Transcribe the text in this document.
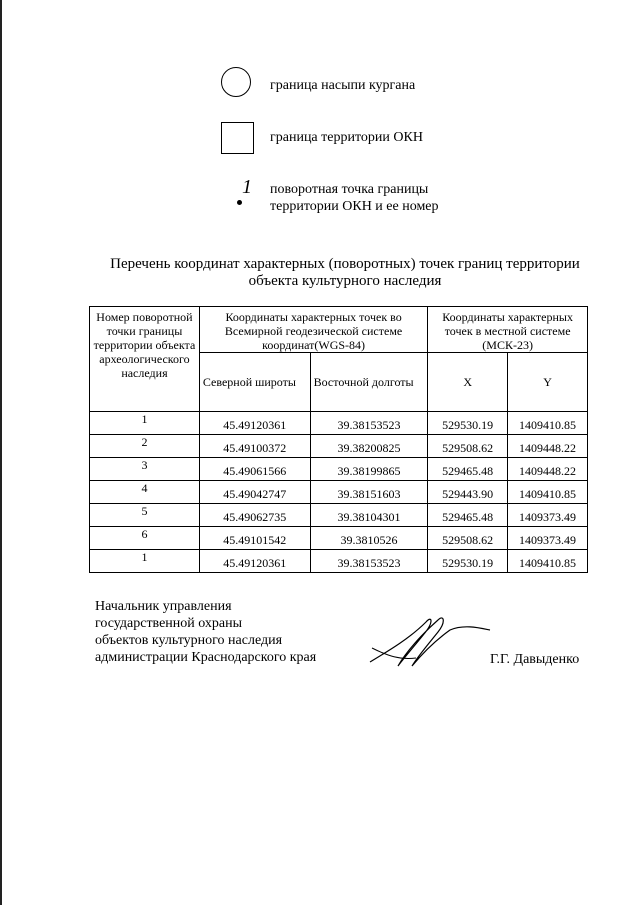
граница насыпи кургана
граница территории ОКН
1 поворотная точка границы
территории ОКН и ее номер
Перечень координат характерных (поворотных) точек границ территории
объекта культурного наследия
Номер поворотной точки границы территории объекта археологического наследия	Координаты характерных точек во Всемирной геодезической системе координат(WGS-84)		Координаты характерных точек в местной системе (МСК-23)	
	Северной широты	Восточной долготы	X	Y
1	45.49120361	39.38153523	529530.19	1409410.85
2	45.49100372	39.38200825	529508.62	1409448.22
3	45.49061566	39.38199865	529465.48	1409448.22
4	45.49042747	39.38151603	529443.90	1409410.85
5	45.49062735	39.38104301	529465.48	1409373.49
6	45.49101542	39.3810526	529508.62	1409373.49
1	45.49120361	39.38153523	529530.19	1409410.85
Начальник управления
государственной охраны
объектов культурного наследия
администрации Краснодарского края	Г.Г. Давыденко
